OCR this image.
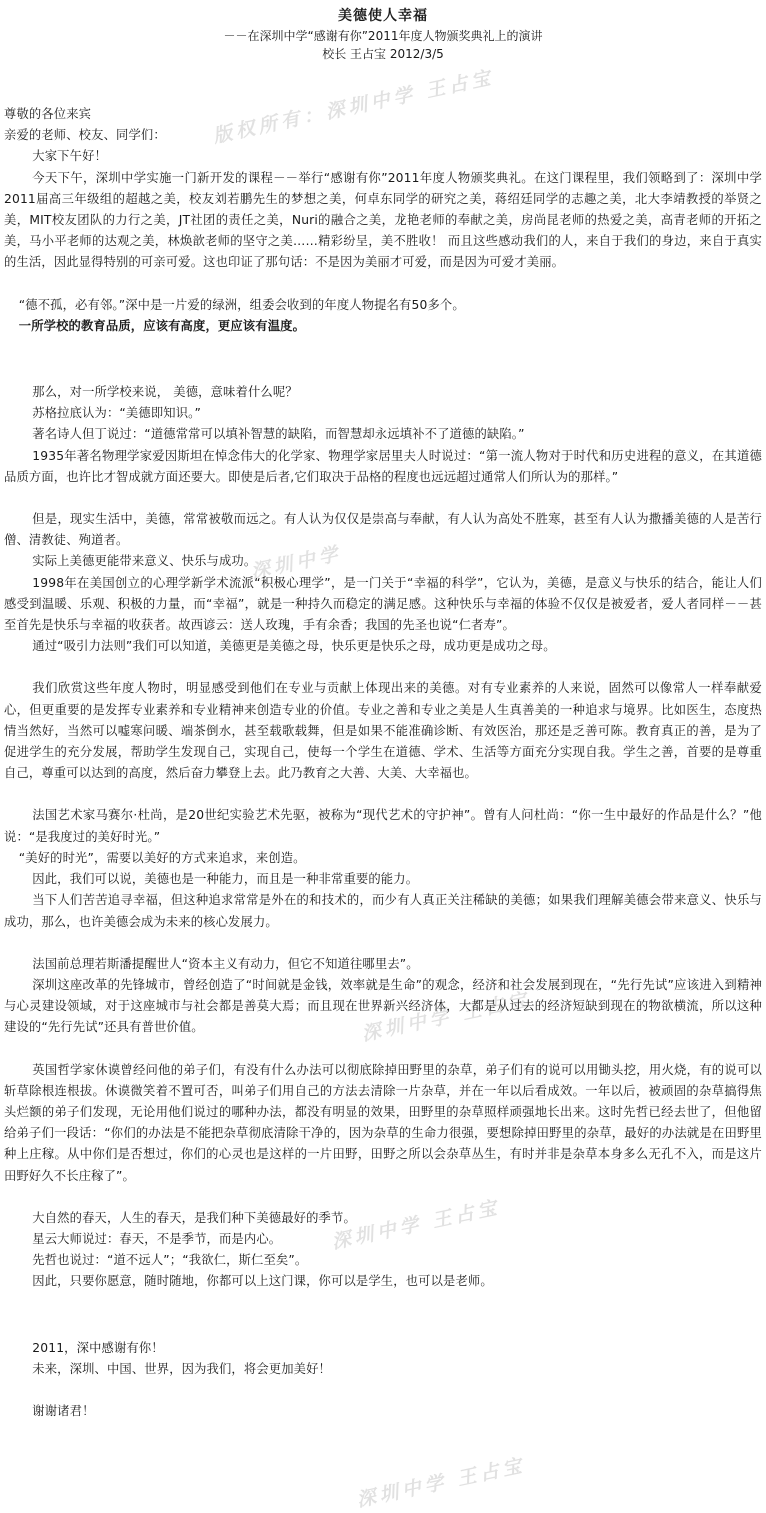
美德使人幸福
－－在深圳中学“感谢有你”2011年度人物颁奖典礼上的演讲
校长 王占宝 2012/3/5
版权所有：深圳中学 王占宝
深圳中学
深圳中学 王占宝
深圳中学 王占宝
深圳中学 王占宝

尊敬的各位来宾

亲爱的老师、校友、同学们：

大家下午好！

今天下午，深圳中学实施一门新开发的课程－－举行“感谢有你”2011年度人物颁奖典礼。在这门课程里，我们领略到了：深圳中学2011届高三年级组的超越之美，校友刘若鹏先生的梦想之美，何卓东同学的研究之美，蒋绍廷同学的志趣之美，北大李靖教授的举贤之美，MIT校友团队的力行之美，JT社团的责任之美，Nuri的融合之美，龙艳老师的奉献之美，房尚昆老师的热爱之美，高青老师的开拓之美，马小平老师的达观之美，林焕歆老师的坚守之美……精彩纷呈，美不胜收！ 而且这些感动我们的人，来自于我们的身边，来自于真实的生活，因此显得特别的可亲可爱。这也印证了那句话：不是因为美丽才可爱，而是因为可爱才美丽。

“德不孤，必有邻。”深中是一片爱的绿洲，组委会收到的年度人物提名有50多个。

一所学校的教育品质，应该有高度，更应该有温度。

那么，对一所学校来说， 美德，意味着什么呢？

苏格拉底认为：“美德即知识。”

著名诗人但丁说过：“道德常常可以填补智慧的缺陷，而智慧却永远填补不了道德的缺陷。”

1935年著名物理学家爱因斯坦在悼念伟大的化学家、物理学家居里夫人时说过：“第一流人物对于时代和历史进程的意义，在其道德品质方面，也许比才智成就方面还要大。即使是后者,它们取决于品格的程度也远远超过通常人们所认为的那样。”

但是，现实生活中，美德，常常被敬而远之。有人认为仅仅是崇高与奉献，有人认为高处不胜寒，甚至有人认为撒播美德的人是苦行僧、清教徒、殉道者。

实际上美德更能带来意义、快乐与成功。

1998年在美国创立的心理学新学术流派“积极心理学”，是一门关于“幸福的科学”，它认为，美德，是意义与快乐的结合，能让人们感受到温暖、乐观、积极的力量，而“幸福”，就是一种持久而稳定的满足感。这种快乐与幸福的体验不仅仅是被爱者，爱人者同样－－甚至首先是快乐与幸福的收获者。故西谚云：送人玫瑰，手有余香；我国的先圣也说“仁者寿”。

通过“吸引力法则”我们可以知道，美德更是美德之母，快乐更是快乐之母，成功更是成功之母。

我们欣赏这些年度人物时，明显感受到他们在专业与贡献上体现出来的美德。对有专业素养的人来说，固然可以像常人一样奉献爱心，但更重要的是发挥专业素养和专业精神来创造专业的价值。专业之善和专业之美是人生真善美的一种追求与境界。比如医生，态度热情当然好，当然可以嘘寒问暖、端茶倒水，甚至载歌载舞，但是如果不能准确诊断、有效医治，那还是乏善可陈。教育真正的善，是为了促进学生的充分发展，帮助学生发现自己，实现自己，使每一个学生在道德、学术、生活等方面充分实现自我。学生之善，首要的是尊重自己，尊重可以达到的高度，然后奋力攀登上去。此乃教育之大善、大美、大幸福也。

法国艺术家马赛尔·杜尚，是20世纪实验艺术先驱，被称为“现代艺术的守护神”。曾有人问杜尚：“你一生中最好的作品是什么？”他说：“是我度过的美好时光。”

“美好的时光”，需要以美好的方式来追求，来创造。

因此，我们可以说，美德也是一种能力，而且是一种非常重要的能力。

当下人们苦苦追寻幸福，但这种追求常常是外在的和技术的，而少有人真正关注稀缺的美德；如果我们理解美德会带来意义、快乐与成功，那么，也许美德会成为未来的核心发展力。

法国前总理若斯潘提醒世人“资本主义有动力，但它不知道往哪里去”。

深圳这座改革的先锋城市，曾经创造了“时间就是金钱，效率就是生命”的观念，经济和社会发展到现在，“先行先试”应该进入到精神与心灵建设领域，对于这座城市与社会都是善莫大焉；而且现在世界新兴经济体，大都是从过去的经济短缺到现在的物欲横流，所以这种建设的“先行先试”还具有普世价值。

英国哲学家休谟曾经问他的弟子们，有没有什么办法可以彻底除掉田野里的杂草，弟子们有的说可以用锄头挖，用火烧，有的说可以斩草除根连根拔。休谟微笑着不置可否，叫弟子们用自己的方法去清除一片杂草，并在一年以后看成效。一年以后，被顽固的杂草搞得焦头烂额的弟子们发现，无论用他们说过的哪种办法，都没有明显的效果，田野里的杂草照样顽强地长出来。这时先哲已经去世了，但他留给弟子们一段话：“你们的办法是不能把杂草彻底清除干净的，因为杂草的生命力很强，要想除掉田野里的杂草，最好的办法就是在田野里种上庄稼。从中你们是否想过，你们的心灵也是这样的一片田野，田野之所以会杂草丛生，有时并非是杂草本身多么无孔不入，而是这片田野好久不长庄稼了”。

大自然的春天，人生的春天，是我们种下美德最好的季节。

星云大师说过：春天，不是季节，而是内心。

先哲也说过：“道不远人”；“我欲仁，斯仁至矣”。

因此，只要你愿意，随时随地，你都可以上这门课，你可以是学生，也可以是老师。

2011，深中感谢有你！

未来，深圳、中国、世界，因为我们，将会更加美好！

谢谢诸君！
